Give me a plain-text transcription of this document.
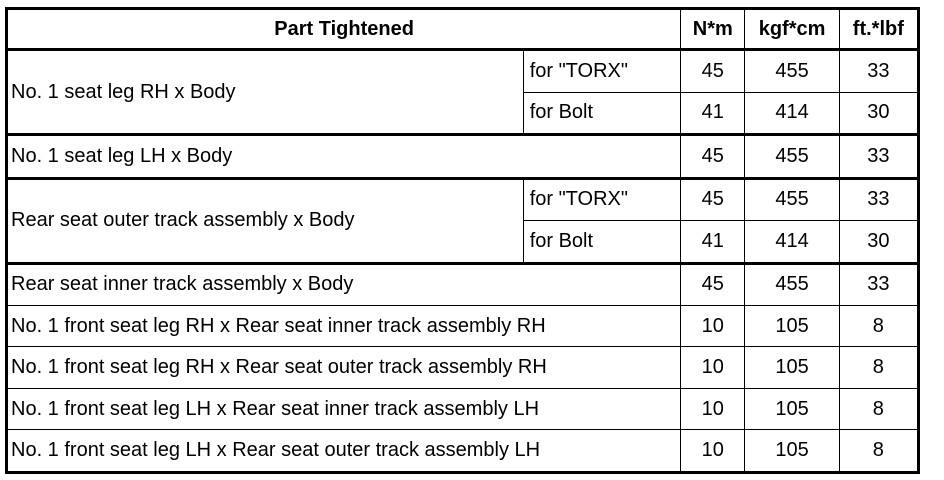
Part Tightened		N*m	kgf*cm	ft.*lbf
No. 1 seat leg RH x Body	for "TORX"	45	455	33
	for Bolt	41	414	30
No. 1 seat leg LH x Body		45	455	33
Rear seat outer track assembly x Body	for "TORX"	45	455	33
	for Bolt	41	414	30
Rear seat inner track assembly x Body		45	455	33
No. 1 front seat leg RH x Rear seat inner track assembly RH		10	105	8
No. 1 front seat leg RH x Rear seat outer track assembly RH		10	105	8
No. 1 front seat leg LH x Rear seat inner track assembly LH		10	105	8
No. 1 front seat leg LH x Rear seat outer track assembly LH		10	105	8
